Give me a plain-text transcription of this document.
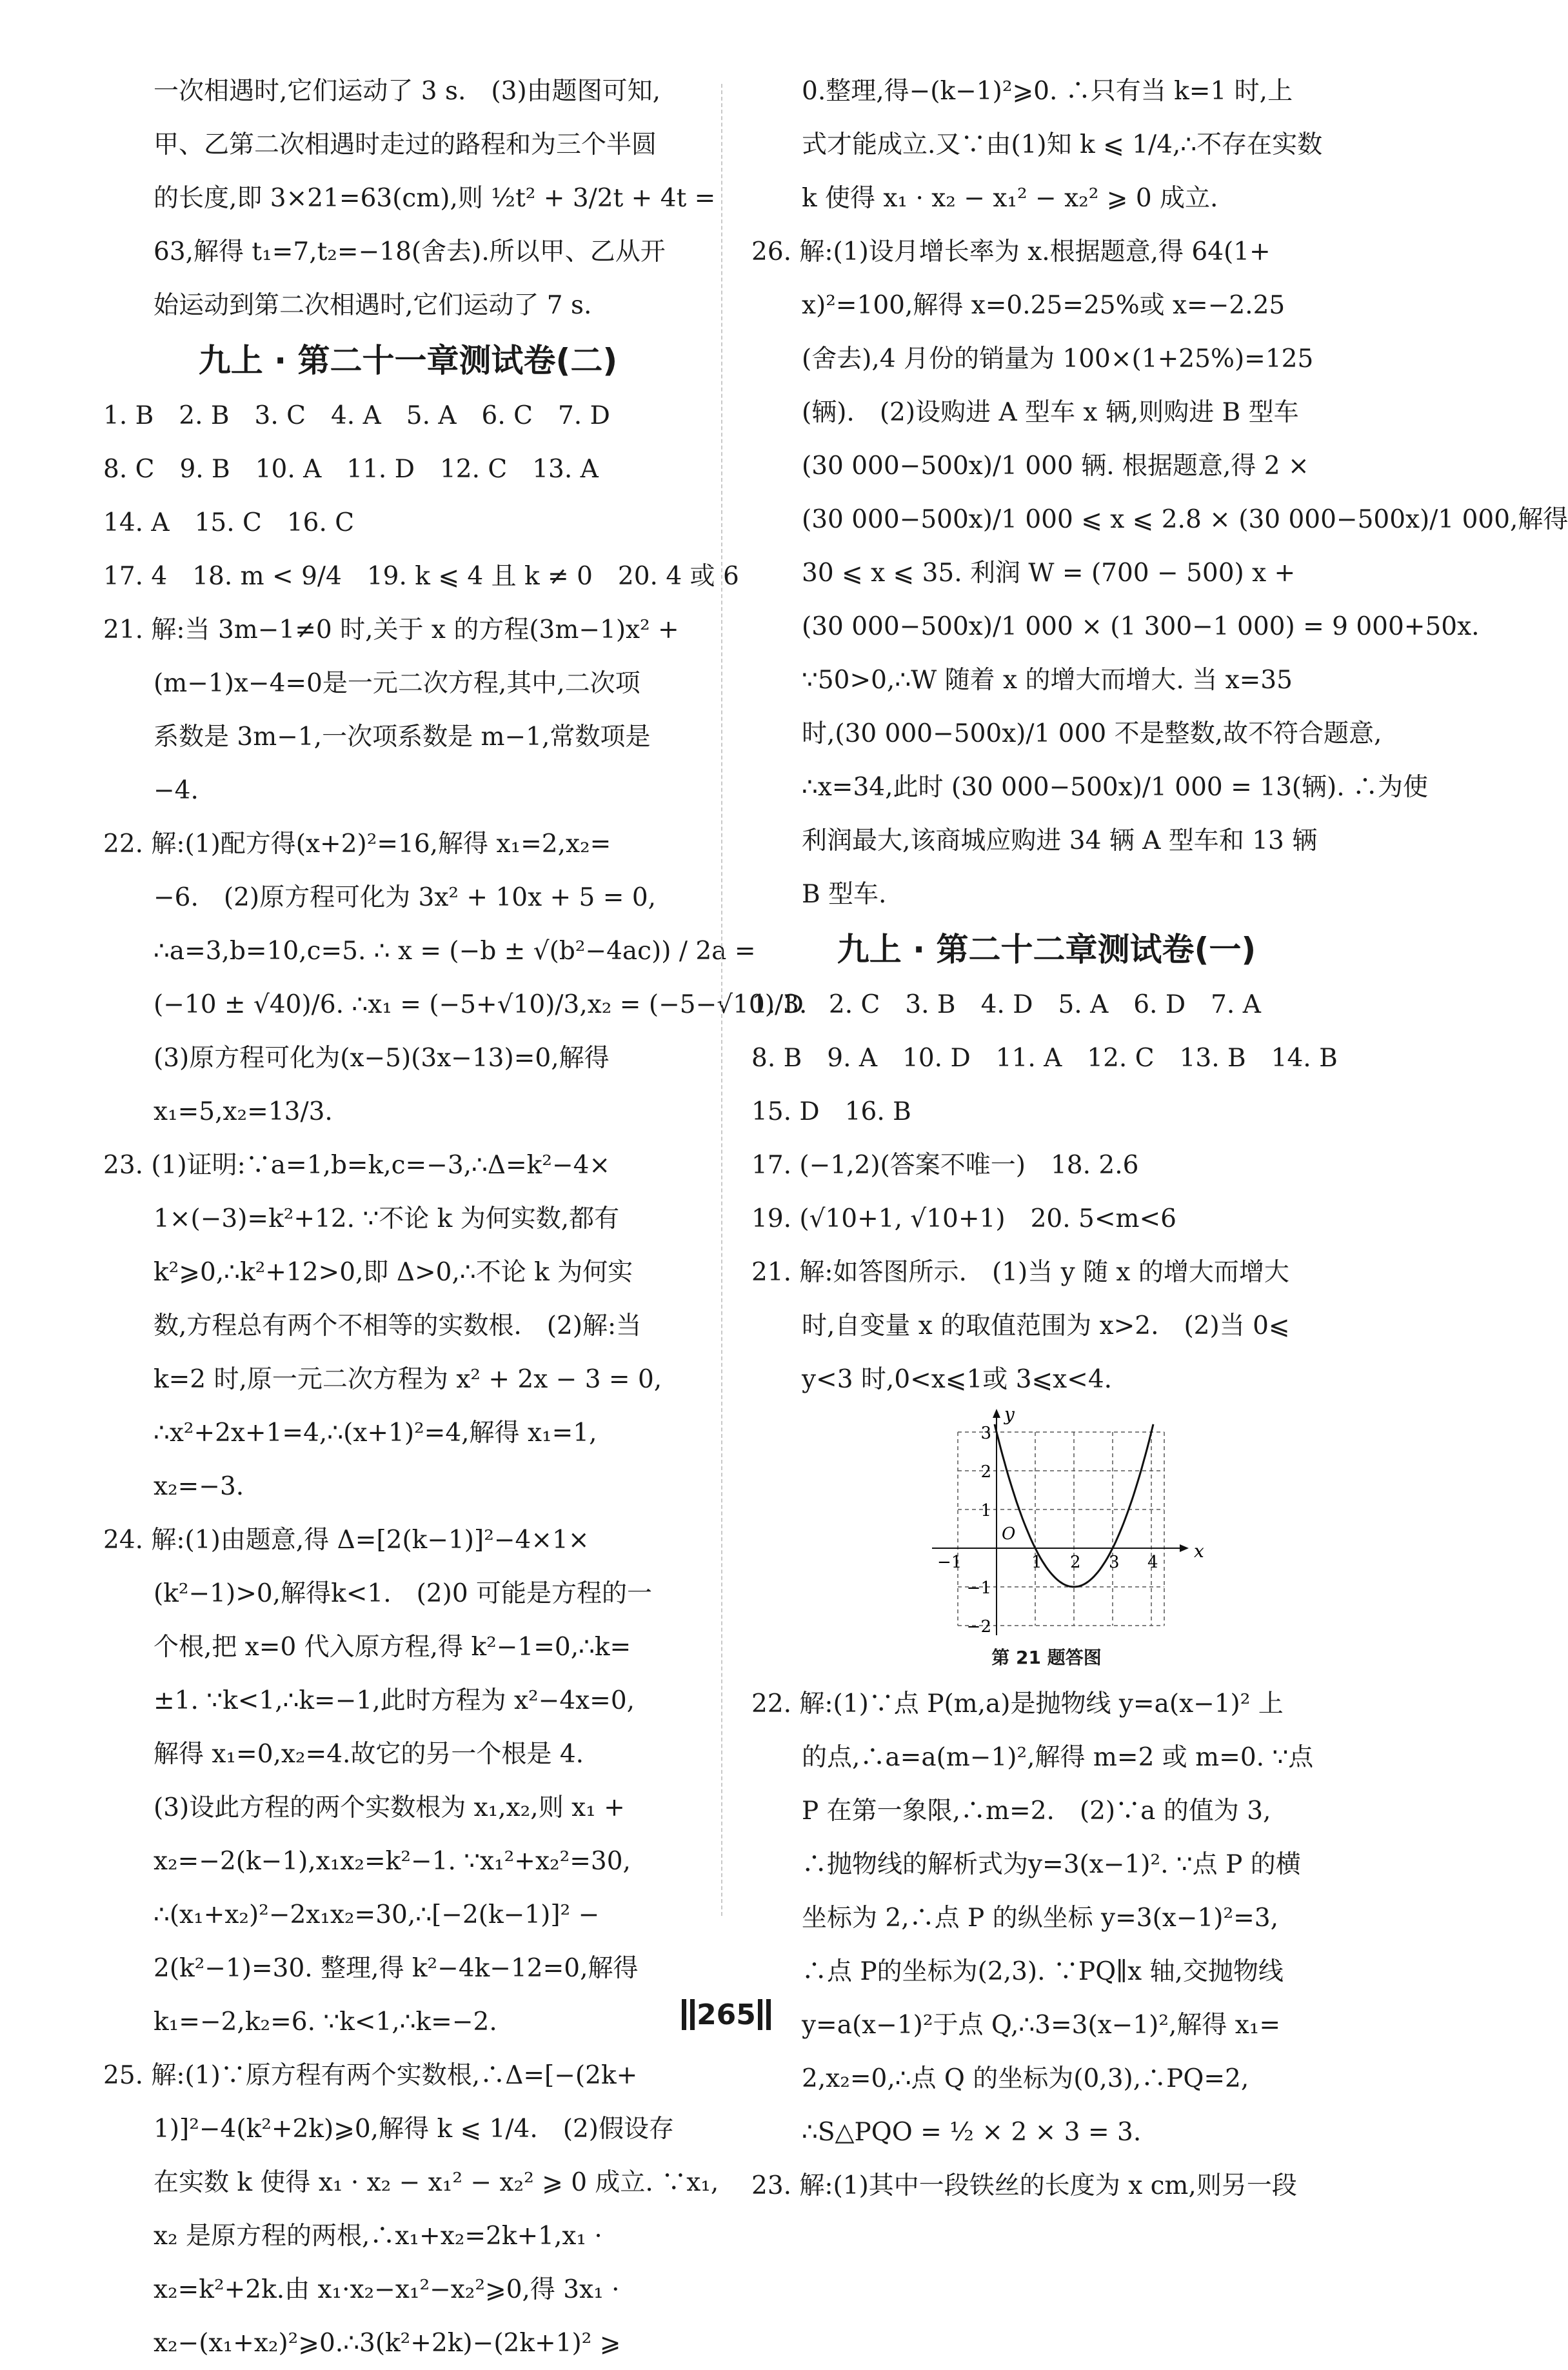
一次相遇时,它们运动了 3 s.　(3)由题图可知,
甲、乙第二次相遇时走过的路程和为三个半圆
的长度,即 3×21=63(cm),则 ½t² + 3/2t + 4t =
63,解得 t₁=7,t₂=−18(舍去).所以甲、乙从开
始运动到第二次相遇时,它们运动了 7 s.
九上 · 第二十一章测试卷(二)
1. B　2. B　3. C　4. A　5. A　6. C　7. D
8. C　9. B　10. A　11. D　12. C　13. A
14. A　15. C　16. C
17. 4　18. m < 9/4　19. k ⩽ 4 且 k ≠ 0　20. 4 或 6
21. 解:当 3m−1≠0 时,关于 x 的方程(3m−1)x² +
(m−1)x−4=0是一元二次方程,其中,二次项
系数是 3m−1,一次项系数是 m−1,常数项是
−4.
22. 解:(1)配方得(x+2)²=16,解得 x₁=2,x₂=
−6.　(2)原方程可化为 3x² + 10x + 5 = 0,
∴a=3,b=10,c=5. ∴ x = (−b ± √(b²−4ac)) / 2a =
(−10 ± √40)/6. ∴x₁ = (−5+√10)/3,x₂ = (−5−√10)/3.
(3)原方程可化为(x−5)(3x−13)=0,解得
x₁=5,x₂=13/3.
23. (1)证明:∵a=1,b=k,c=−3,∴Δ=k²−4×
1×(−3)=k²+12. ∵不论 k 为何实数,都有
k²⩾0,∴k²+12>0,即 Δ>0,∴不论 k 为何实
数,方程总有两个不相等的实数根.　(2)解:当
k=2 时,原一元二次方程为 x² + 2x − 3 = 0,
∴x²+2x+1=4,∴(x+1)²=4,解得 x₁=1,
x₂=−3.
24. 解:(1)由题意,得 Δ=[2(k−1)]²−4×1×
(k²−1)>0,解得k<1.　(2)0 可能是方程的一
个根,把 x=0 代入原方程,得 k²−1=0,∴k=
±1. ∵k<1,∴k=−1,此时方程为 x²−4x=0,
解得 x₁=0,x₂=4.故它的另一个根是 4.
(3)设此方程的两个实数根为 x₁,x₂,则 x₁ +
x₂=−2(k−1),x₁x₂=k²−1. ∵x₁²+x₂²=30,
∴(x₁+x₂)²−2x₁x₂=30,∴[−2(k−1)]² −
2(k²−1)=30. 整理,得 k²−4k−12=0,解得
k₁=−2,k₂=6. ∵k<1,∴k=−2.
25. 解:(1)∵原方程有两个实数根,∴Δ=[−(2k+
1)]²−4(k²+2k)⩾0,解得 k ⩽ 1/4.　(2)假设存
在实数 k 使得 x₁ · x₂ − x₁² − x₂² ⩾ 0 成立. ∵x₁,
x₂ 是原方程的两根,∴x₁+x₂=2k+1,x₁ ·
x₂=k²+2k.由 x₁·x₂−x₁²−x₂²⩾0,得 3x₁ ·
x₂−(x₁+x₂)²⩾0.∴3(k²+2k)−(2k+1)² ⩾
0.整理,得−(k−1)²⩾0. ∴只有当 k=1 时,上
式才能成立.又∵由(1)知 k ⩽ 1/4,∴不存在实数
k 使得 x₁ · x₂ − x₁² − x₂² ⩾ 0 成立.
26. 解:(1)设月增长率为 x.根据题意,得 64(1+
x)²=100,解得 x=0.25=25%或 x=−2.25
(舍去),4 月份的销量为 100×(1+25%)=125
(辆).　(2)设购进 A 型车 x 辆,则购进 B 型车
(30 000−500x)/1 000 辆. 根据题意,得 2 ×
(30 000−500x)/1 000 ⩽ x ⩽ 2.8 × (30 000−500x)/1 000,解得
30 ⩽ x ⩽ 35. 利润 W = (700 − 500) x +
(30 000−500x)/1 000 × (1 300−1 000) = 9 000+50x.
∵50>0,∴W 随着 x 的增大而增大. 当 x=35
时,(30 000−500x)/1 000 不是整数,故不符合题意,
∴x=34,此时 (30 000−500x)/1 000 = 13(辆). ∴为使
利润最大,该商城应购进 34 辆 A 型车和 13 辆
B 型车.
九上 · 第二十二章测试卷(一)
1. D　2. C　3. B　4. D　5. A　6. D　7. A
8. B　9. A　10. D　11. A　12. C　13. B　14. B
15. D　16. B
17. (−1,2)(答案不唯一)　18. 2.6
19. (√10+1, √10+1)　20. 5<m<6
21. 解:如答图所示.　(1)当 y 随 x 的增大而增大
时,自变量 x 的取值范围为 x>2.　(2)当 0⩽
y<3 时,0<x⩽1或 3⩽x<4.
x
y
O
−1	1 2 3 4
3
2
1
−1
−2
第 21 题答图
22. 解:(1)∵点 P(m,a)是抛物线 y=a(x−1)² 上
的点,∴a=a(m−1)²,解得 m=2 或 m=0. ∵点
P 在第一象限,∴m=2.　(2)∵a 的值为 3,
∴抛物线的解析式为y=3(x−1)². ∵点 P 的横
坐标为 2,∴点 P 的纵坐标 y=3(x−1)²=3,
∴点 P的坐标为(2,3). ∵PQ∥x 轴,交抛物线
y=a(x−1)²于点 Q,∴3=3(x−1)²,解得 x₁=
2,x₂=0,∴点 Q 的坐标为(0,3),∴PQ=2,
∴S△PQO = ½ × 2 × 3 = 3.
23. 解:(1)其中一段铁丝的长度为 x cm,则另一段
265
